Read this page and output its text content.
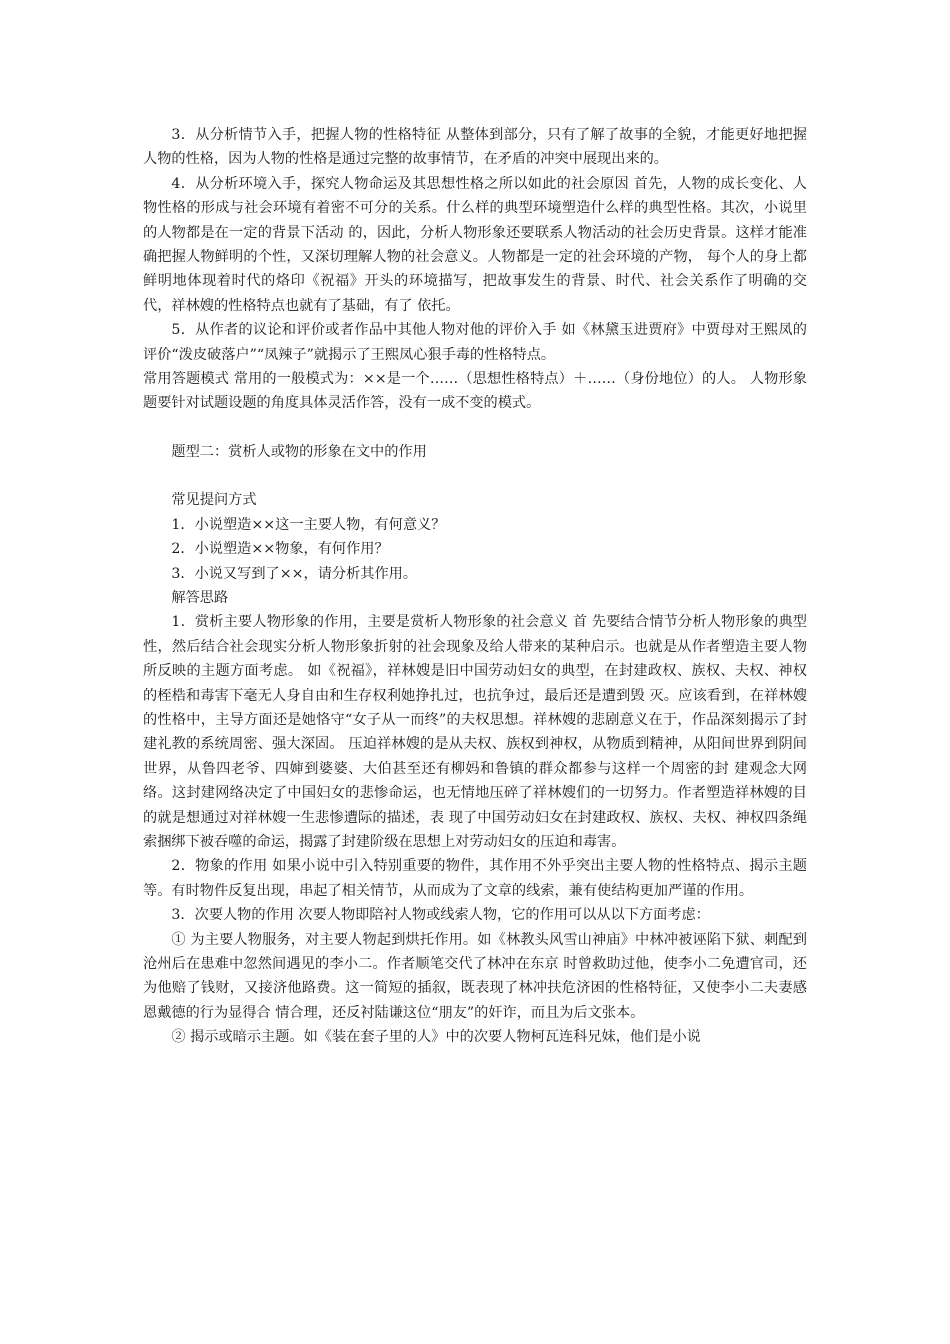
3．从分析情节入手，把握人物的性格特征 从整体到部分，只有了解了故事的全貌，才能更好地把握人物的性格，因为人物的性格是通过完整的故事情节，在矛盾的冲突中展现出来的。

4．从分析环境入手，探究人物命运及其思想性格之所以如此的社会原因 首先，人物的成长变化、人物性格的形成与社会环境有着密不可分的关系。什么样的典型环境塑造什么样的典型性格。其次，小说里的人物都是在一定的背景下活动 的，因此，分析人物形象还要联系人物活动的社会历史背景。这样才能准确把握人物鲜明的个性，又深切理解人物的社会意义。人物都是一定的社会环境的产物， 每个人的身上都鲜明地体现着时代的烙印《祝福》开头的环境描写，把故事发生的背景、时代、社会关系作了明确的交代，祥林嫂的性格特点也就有了基础，有了 依托。

5．从作者的议论和评价或者作品中其他人物对他的评价入手 如《林黛玉进贾府》中贾母对王熙凤的评价“泼皮破落户”“凤辣子”就揭示了王熙凤心狠手毒的性格特点。

常用答题模式 常用的一般模式为：××是一个……（思想性格特点）＋……（身份地位）的人。 人物形象题要针对试题设题的角度具体灵活作答，没有一成不变的模式。

题型二：赏析人或物的形象在文中的作用

常见提问方式

1．小说塑造××这一主要人物，有何意义？

2．小说塑造××物象，有何作用？

3．小说又写到了××，请分析其作用。

解答思路

1．赏析主要人物形象的作用，主要是赏析人物形象的社会意义 首 先要结合情节分析人物形象的典型性，然后结合社会现实分析人物形象折射的社会现象及给人带来的某种启示。也就是从作者塑造主要人物所反映的主题方面考虑。 如《祝福》，祥林嫂是旧中国劳动妇女的典型，在封建政权、族权、夫权、神权的桎梏和毒害下毫无人身自由和生存权利她挣扎过，也抗争过，最后还是遭到毁 灭。应该看到，在祥林嫂的性格中，主导方面还是她恪守“女子从一而终”的夫权思想。祥林嫂的悲剧意义在于，作品深刻揭示了封建礼教的系统周密、强大深固。 压迫祥林嫂的是从夫权、族权到神权，从物质到精神，从阳间世界到阴间世界，从鲁四老爷、四婶到婆婆、大伯甚至还有柳妈和鲁镇的群众都参与这样一个周密的封 建观念大网络。这封建网络决定了中国妇女的悲惨命运，也无情地压碎了祥林嫂们的一切努力。作者塑造祥林嫂的目的就是想通过对祥林嫂一生悲惨遭际的描述，表 现了中国劳动妇女在封建政权、族权、夫权、神权四条绳索捆绑下被吞噬的命运，揭露了封建阶级在思想上对劳动妇女的压迫和毒害。

2．物象的作用 如果小说中引入特别重要的物件，其作用不外乎突出主要人物的性格特点、揭示主题等。有时物件反复出现，串起了相关情节，从而成为了文章的线索，兼有使结构更加严谨的作用。

3．次要人物的作用 次要人物即陪衬人物或线索人物，它的作用可以从以下方面考虑：

① 为主要人物服务，对主要人物起到烘托作用。如《林教头风雪山神庙》中林冲被诬陷下狱、刺配到沧州后在患难中忽然间遇见的李小二。作者顺笔交代了林冲在东京 时曾救助过他，使李小二免遭官司，还为他赔了钱财，又接济他路费。这一简短的插叙，既表现了林冲扶危济困的性格特征，又使李小二夫妻感恩戴德的行为显得合 情合理，还反衬陆谦这位“朋友”的奸诈，而且为后文张本。

② 揭示或暗示主题。如《装在套子里的人》中的次要人物柯瓦连科兄妹，他们是小说
